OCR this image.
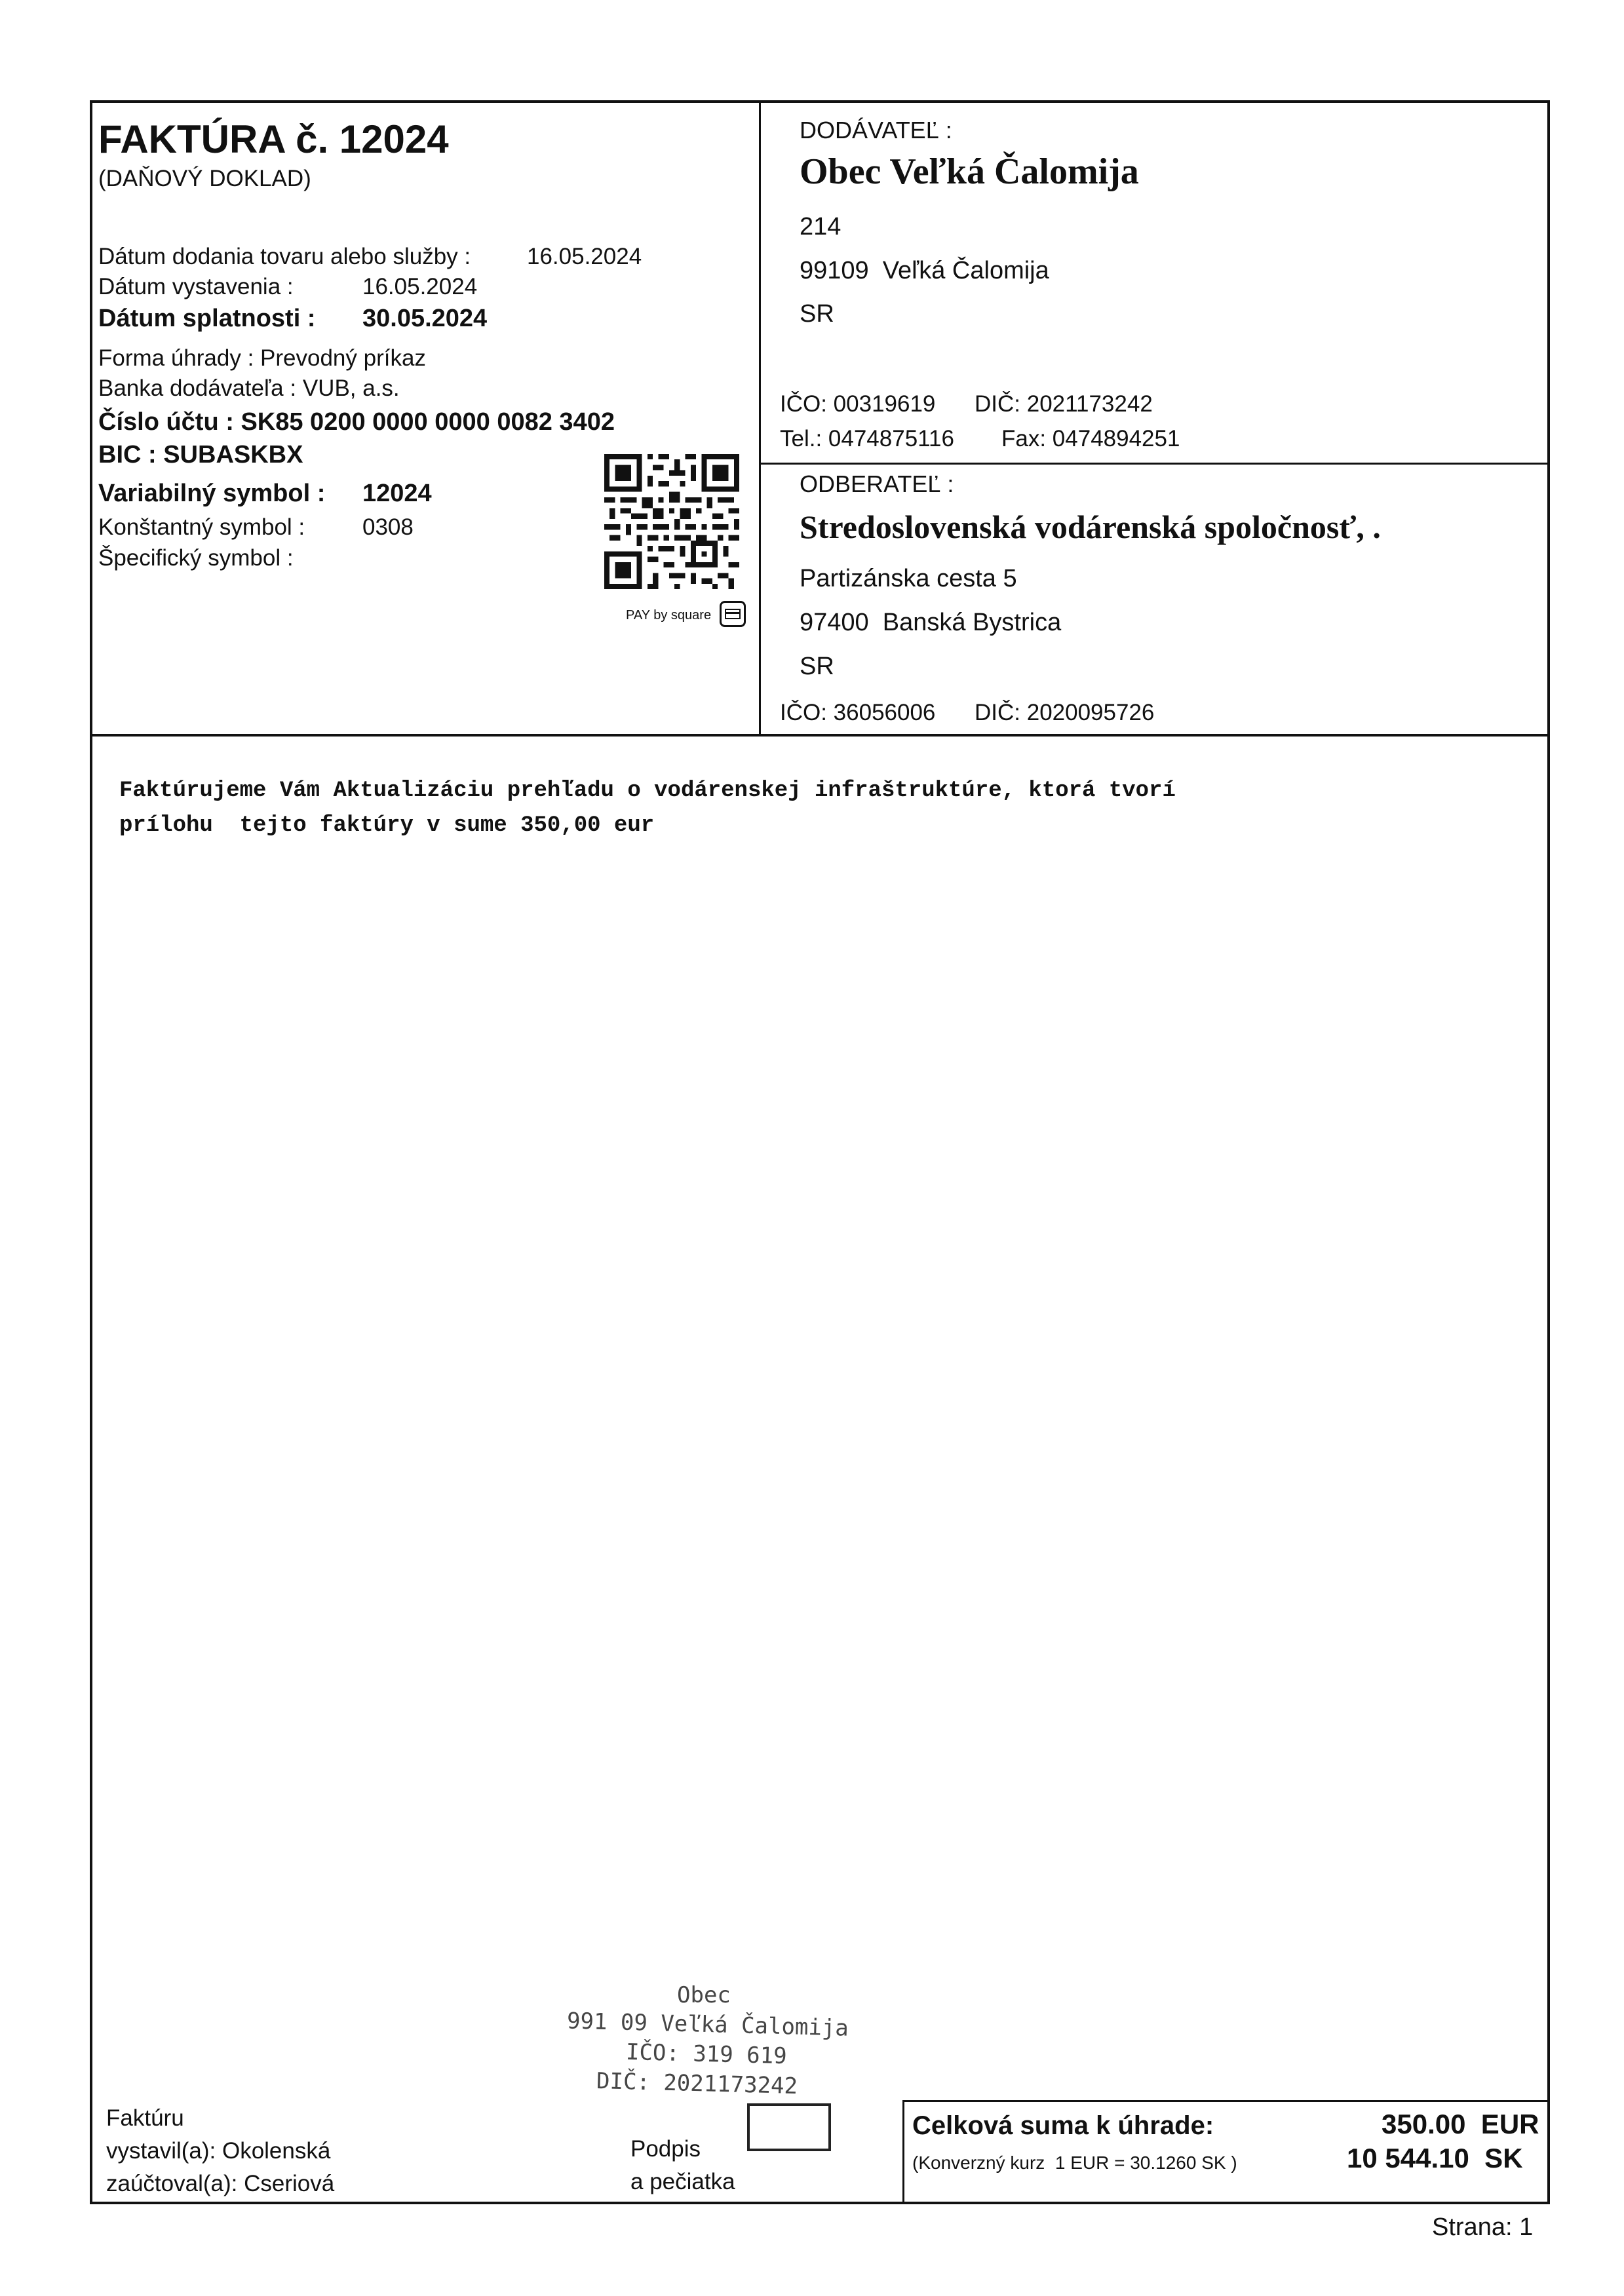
FAKTÚRA č. 12024
(DAŇOVÝ DOKLAD)
Dátum dodania tovaru alebo služby : 16.05.2024
Dátum vystavenia :	16.05.2024
Dátum splatnosti : 30.05.2024
Forma úhrady : Prevodný príkaz
Banka dodávateľa : VUB, a.s.
Číslo účtu : SK85 0200 0000 0000 0082 3402
BIC : SUBASKBX
Variabilný symbol : 12024
Konštantný symbol :	0308
Špecifický symbol :
PAY by square
DODÁVATEĽ :
Obec Veľká Čalomija
214
99109  Veľká Čalomija
SR
IČO: 00319619 DIČ: 2021173242
Tel.: 0474875116 Fax: 0474894251
ODBERATEĽ :
Stredoslovenská vodárenská spoločnosť, .
Partizánska cesta 5
97400  Banská Bystrica
SR
IČO: 36056006 DIČ: 2020095726
Faktúrujeme Vám Aktualizáciu prehľadu o vodárenskej infraštruktúre, ktorá tvorí
prílohu  tejto faktúry v sume 350,00 eur
Obec
991 09 Veľká Čalomija
IČO: 319 619
DIČ: 2021173242
Faktúru
vystavil(a): Okolenská
zaúčtoval(a): Cseriová
Podpis
a pečiatka
Celková suma k úhrade:	350.00  EUR
(Konverzný kurz  1 EUR = 30.1260 SK )	10 544.10  SK
Strana: 1
